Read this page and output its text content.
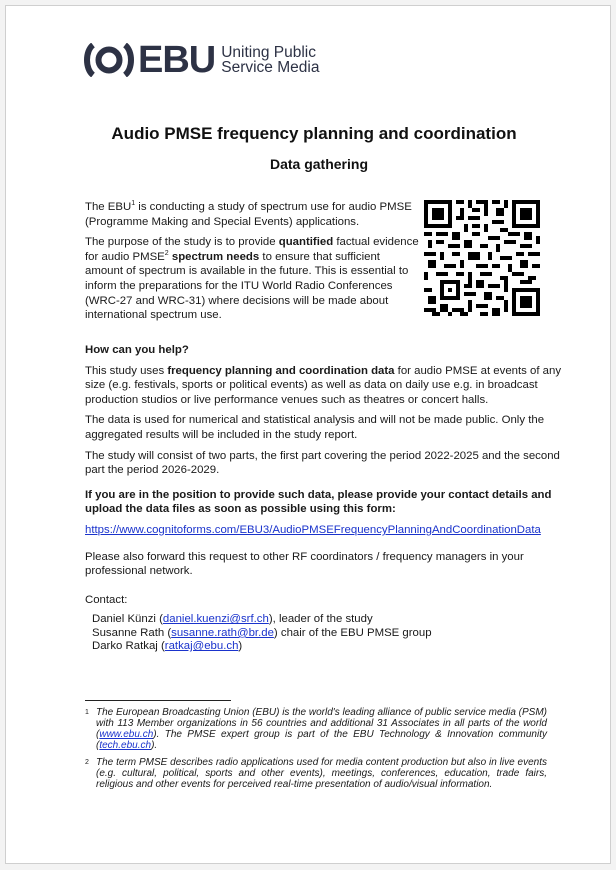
EBU Uniting Public
Service Media
Audio PMSE frequency planning and coordination
Data gathering

The EBU$^1$ is conducting a study of spectrum use for audio PMSE (Programme Making and Special Events) applications.

The purpose of the study is to provide quantified factual evidence for audio PMSE$^2$ spectrum needs to ensure that sufficient amount of spectrum is available in the future. This is essential to inform the preparations for the ITU World Radio Conferences (WRC-27 and WRC-31) where decisions will be made about international spectrum use.

How can you help?

This study uses frequency planning and coordination data for audio PMSE at events of any size (e.g. festivals, sports or political events) as well as data on daily use e.g. in broadcast production studios or live performance venues such as theatres or concert halls.

The data is used for numerical and statistical analysis and will not be made public. Only the aggregated results will be included in the study report.

The study will consist of two parts, the first part covering the period 2022-2025 and the second part the period 2026-2029.

If you are in the position to provide such data, please provide your contact details and upload the data files as soon as possible using this form:

https://www.cognitoforms.com/EBU3/AudioPMSEFrequencyPlanningAndCoordinationData

Please also forward this request to other RF coordinators / frequency managers in your professional network.

Contact:
Daniel Künzi (daniel.kuenzi@srf.ch), leader of the study
Susanne Rath (susanne.rath@br.de) chair of the EBU PMSE group
Darko Ratkaj (ratkaj@ebu.ch)
1 The European Broadcasting Union (EBU) is the world's leading alliance of public service media (PSM) with 113 Member organizations in 56 countries and additional 31 Associates in all parts of the world (www.ebu.ch). The PMSE expert group is part of the EBU Technology & Innovation community (tech.ebu.ch).
2 The term PMSE describes radio applications used for media content production but also in live events (e.g. cultural, political, sports and other events), meetings, conferences, education, trade fairs, religious and other events for perceived real-time presentation of audio/visual information.
